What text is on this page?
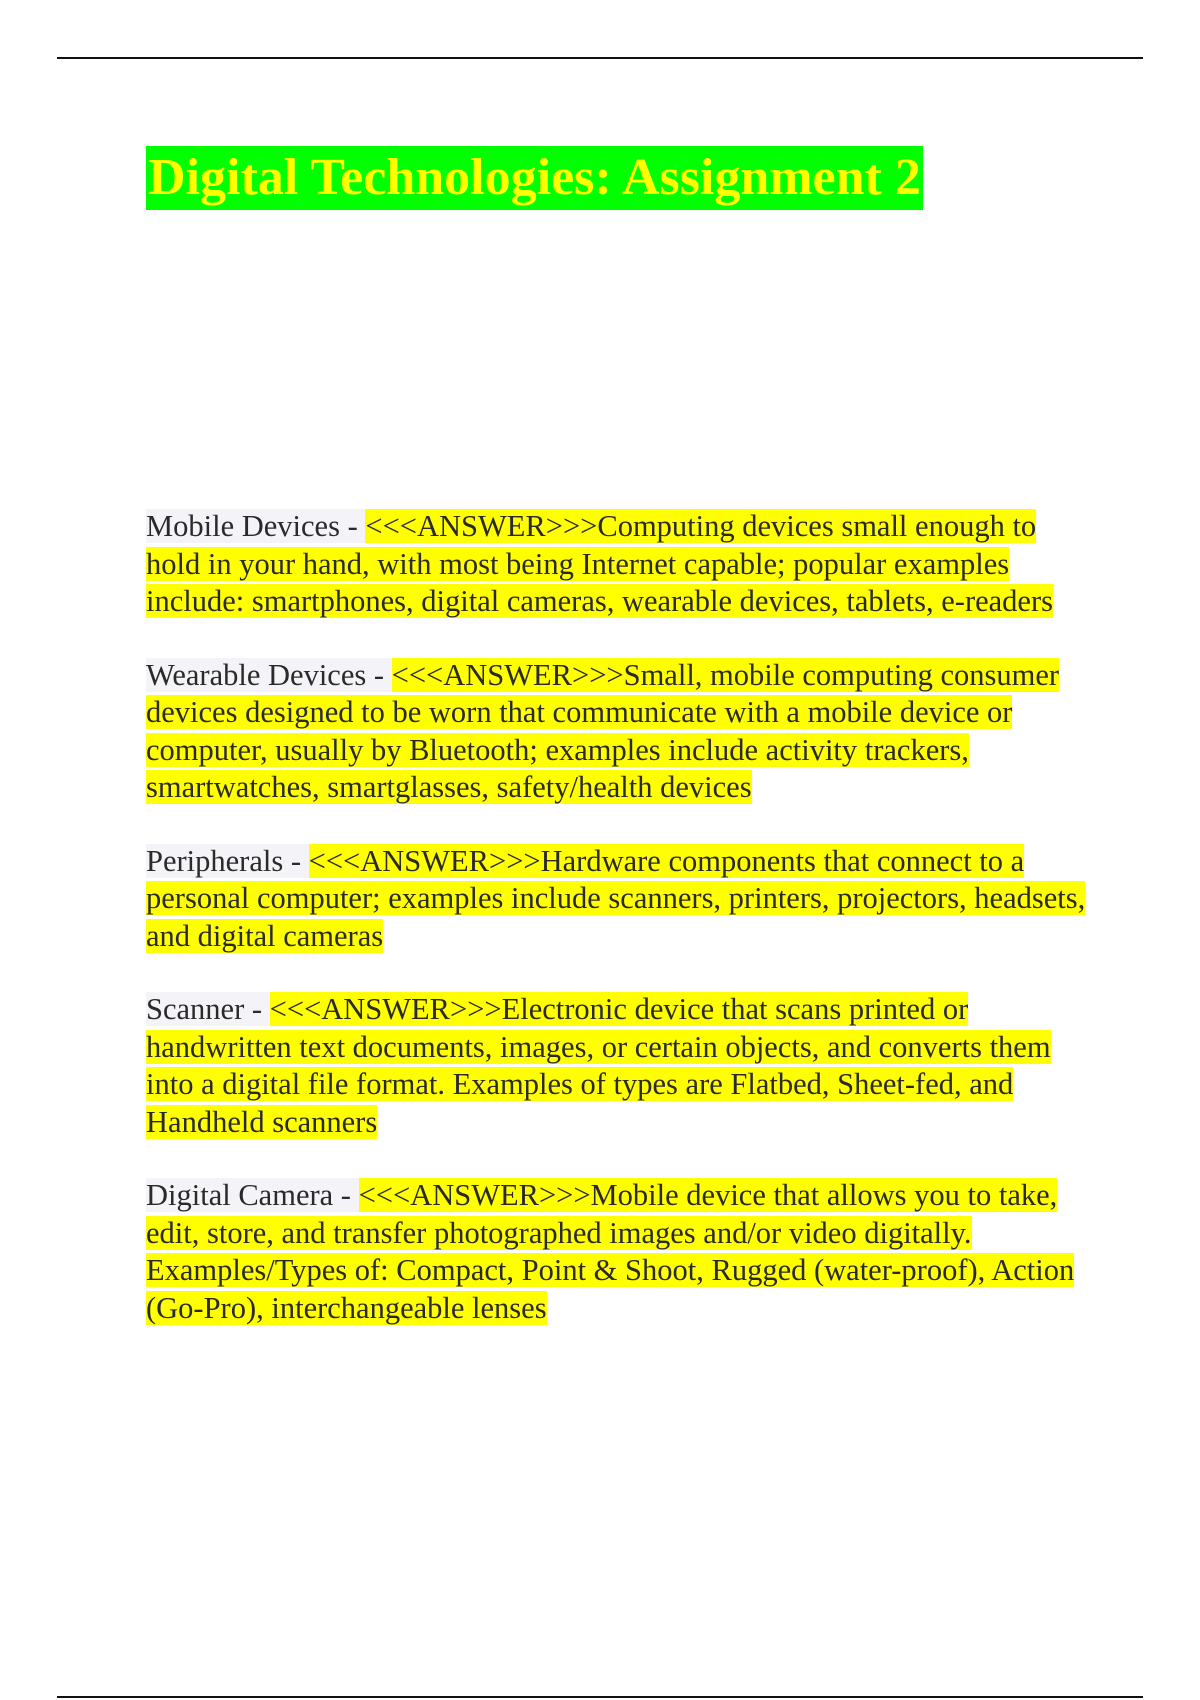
Digital Technologies: Assignment 2

Mobile Devices - <<<ANSWER>>>Computing devices small enough to hold in your hand, with most being Internet capable; popular examples include: smartphones, digital cameras, wearable devices, tablets, e-readers

Wearable Devices - <<<ANSWER>>>Small, mobile computing consumer devices designed to be worn that communicate with a mobile device or computer, usually by Bluetooth; examples include activity trackers, smartwatches, smartglasses, safety/health devices

Peripherals - <<<ANSWER>>>Hardware components that connect to a personal computer; examples include scanners, printers, projectors, headsets, and digital cameras

Scanner - <<<ANSWER>>>Electronic device that scans printed or handwritten text documents, images, or certain objects, and converts them into a digital file format. Examples of types are Flatbed, Sheet-fed, and Handheld scanners

Digital Camera - <<<ANSWER>>>Mobile device that allows you to take, edit, store, and transfer photographed images and/or video digitally. Examples/Types of: Compact, Point & Shoot, Rugged (water-proof), Action (Go-Pro), interchangeable lenses
